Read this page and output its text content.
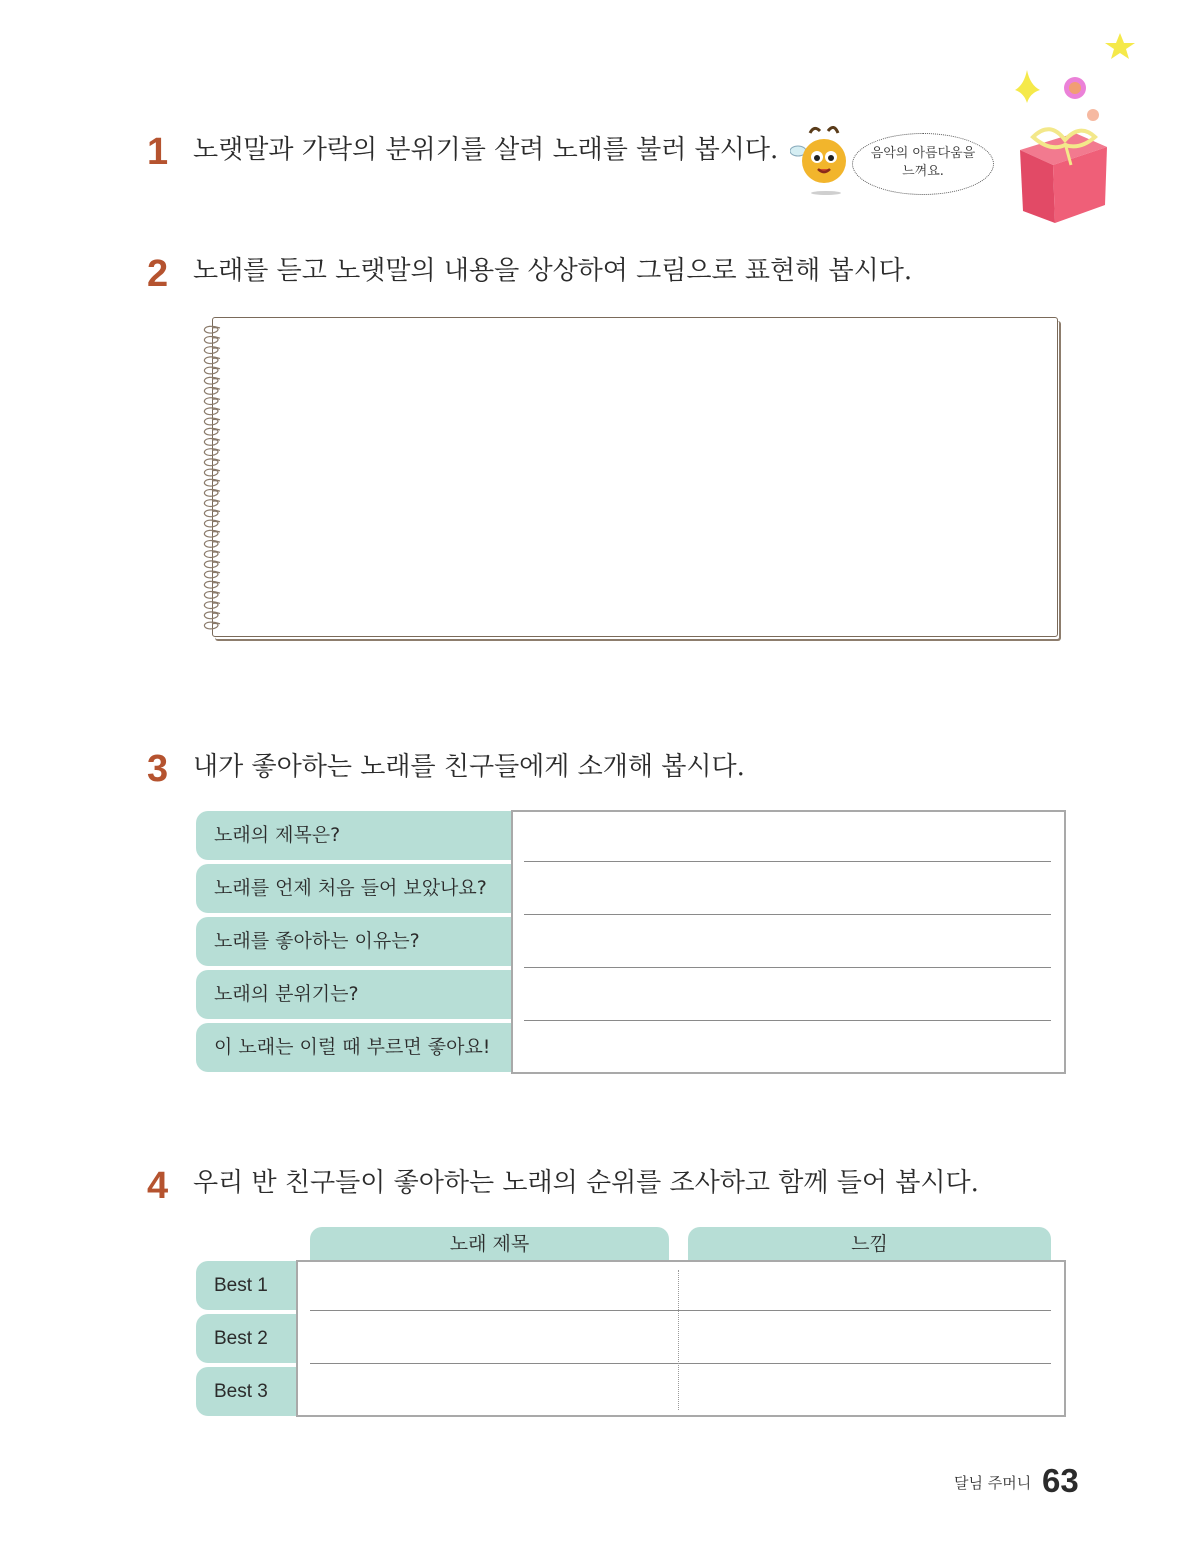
1 노랫말과 가락의 분위기를 살려 노래를 불러 봅시다.	음악의 아름다움을
느껴요.
2 노래를 듣고 노랫말의 내용을 상상하여 그림으로 표현해 봅시다.
3 내가 좋아하는 노래를 친구들에게 소개해 봅시다.
노래의 제목은?
노래를 언제 처음 들어 보았나요?
노래를 좋아하는 이유는?
노래의 분위기는?
이 노래는 이럴 때 부르면 좋아요!
4 우리 반 친구들이 좋아하는 노래의 순위를 조사하고 함께 들어 봅시다.
노래 제목	느낌
Best 1
Best 2
Best 3
달님 주머니 63
